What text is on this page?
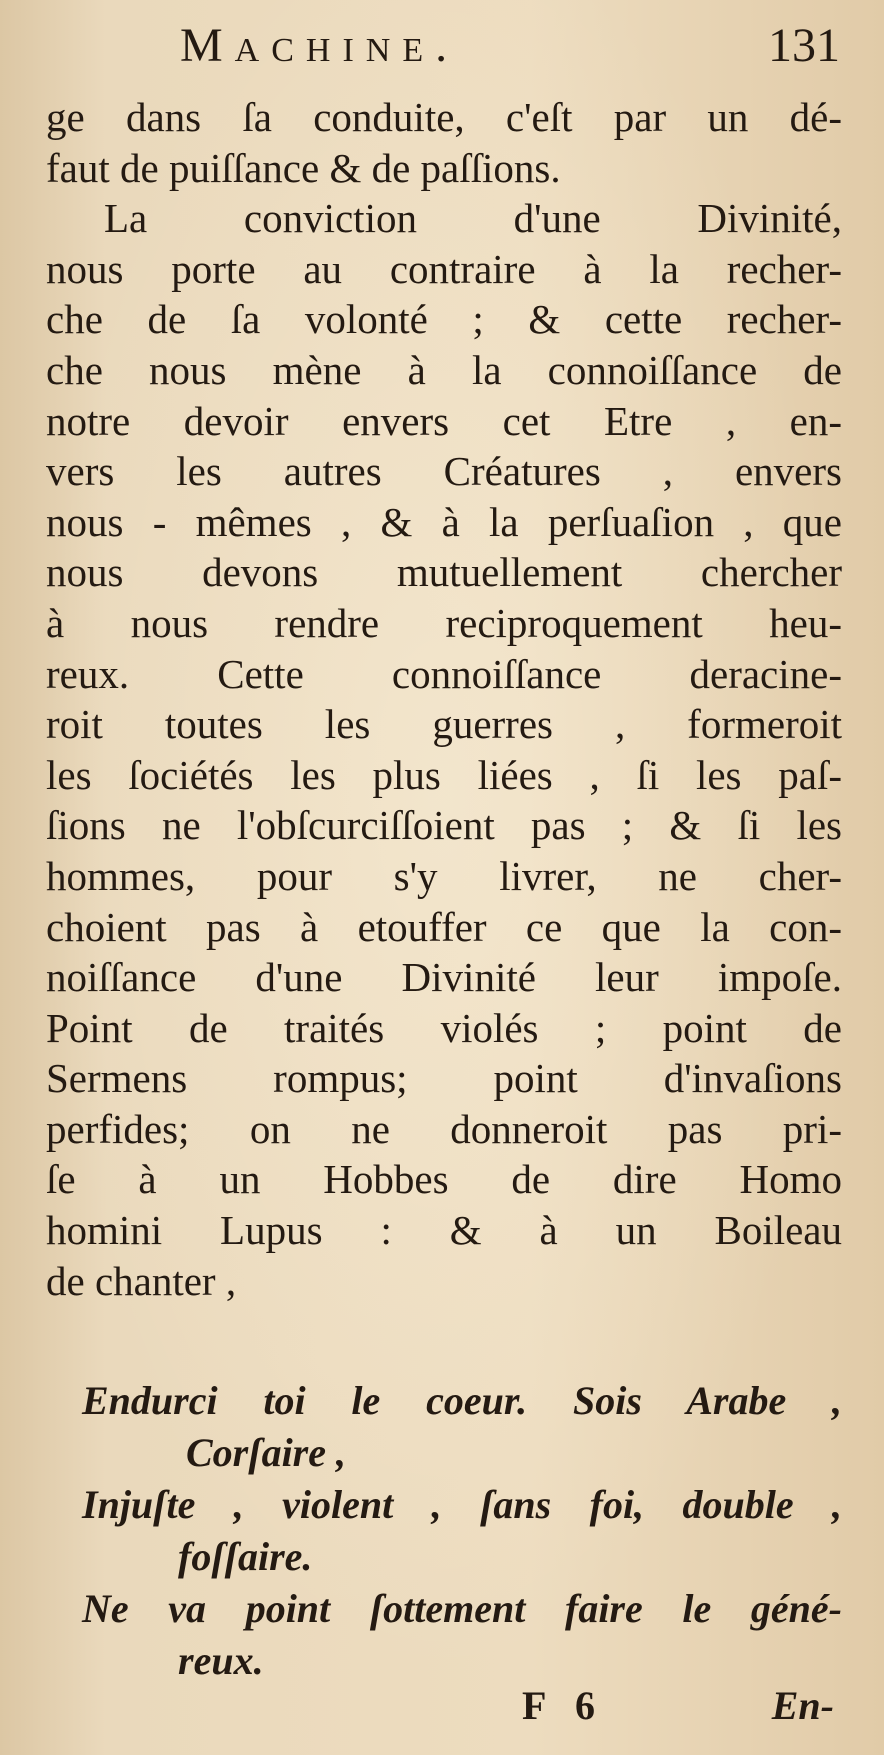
Machine.	131
ge dans ſa conduite, c'eſt par un dé-
faut de puiſſance & de paſſions.
La conviction d'une Divinité,
nous porte au contraire à la recher-
che de ſa volonté ; & cette recher-
che nous mène à la connoiſſance de
notre devoir envers cet Etre , en-
vers les autres Créatures , envers
nous - mêmes , & à la perſuaſion , que
nous devons mutuellement chercher
à nous rendre reciproquement heu-
reux. Cette connoiſſance deracine-
roit toutes les guerres , formeroit
les ſociétés les plus liées , ſi les paſ-
ſions ne l'obſcurciſſoient pas ; & ſi les
hommes, pour s'y livrer, ne cher-
choient pas à etouffer ce que la con-
noiſſance d'une Divinité leur impoſe.
Point de traités violés ; point de
Sermens rompus; point d'invaſions
perfides; on ne donneroit pas pri-
ſe à un Hobbes de dire Homo
homini Lupus : & à un Boileau
de chanter ,
Endurci toi le coeur. Sois Arabe ,
Corſaire ,
Injuſte , violent , ſans foi, double ,
foſſaire.
Ne va point ſottement faire le géné-
reux.
F 6	En-
